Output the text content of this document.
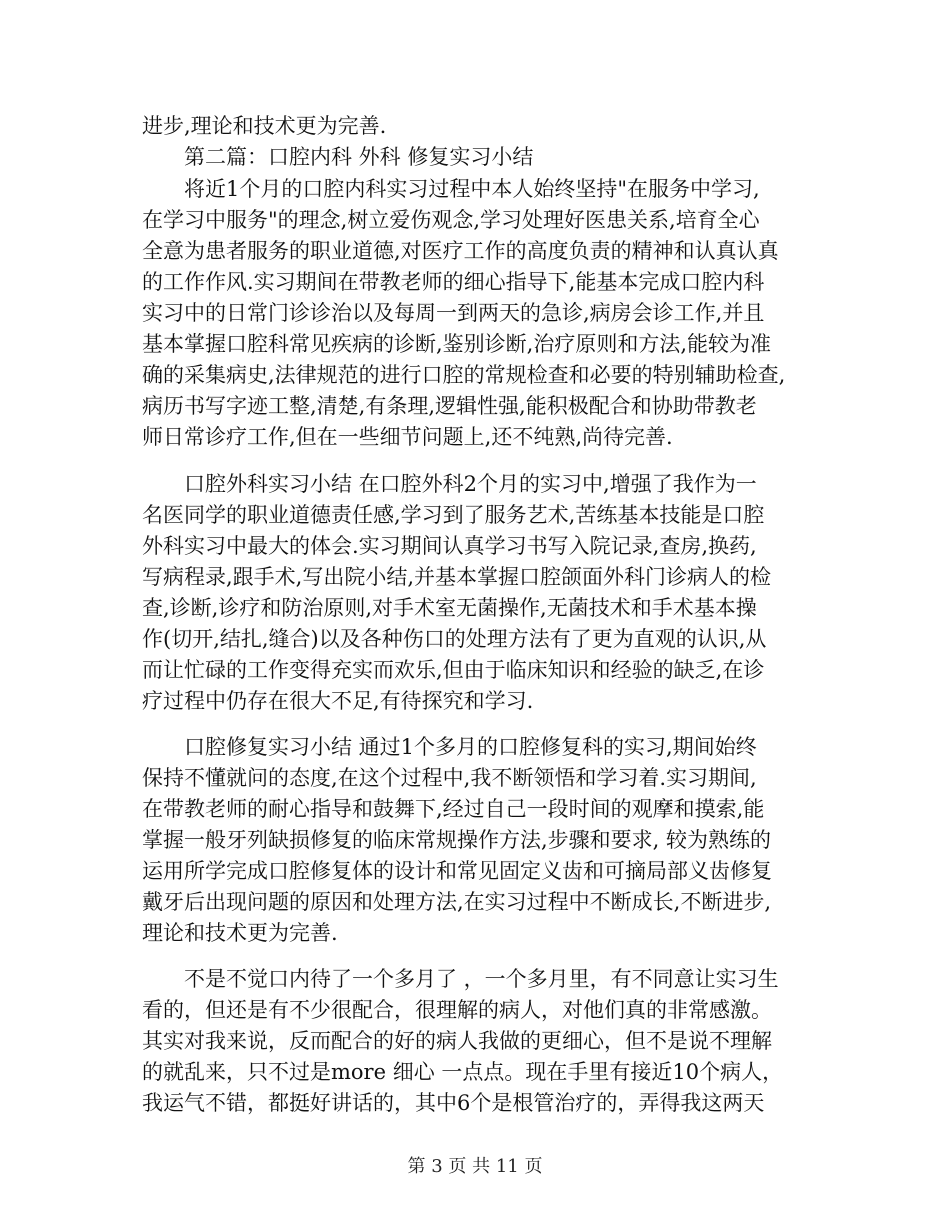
进步,理论和技术更为完善.
第二篇：口腔内科 外科 修复实习小结
将近1个月的口腔内科实习过程中本人始终坚持"在服务中学习,
在学习中服务"的理念,树立爱伤观念,学习处理好医患关系,培育全心
全意为患者服务的职业道德,对医疗工作的高度负责的精神和认真认真
的工作作风.实习期间在带教老师的细心指导下,能基本完成口腔内科
实习中的日常门诊诊治以及每周一到两天的急诊,病房会诊工作,并且
基本掌握口腔科常见疾病的诊断,鉴别诊断,治疗原则和方法,能较为准
确的采集病史,法律规范的进行口腔的常规检查和必要的特别辅助检查,
病历书写字迹工整,清楚,有条理,逻辑性强,能积极配合和协助带教老
师日常诊疗工作,但在一些细节问题上,还不纯熟,尚待完善.
口腔外科实习小结 在口腔外科2个月的实习中,增强了我作为一
名医同学的职业道德责任感,学习到了服务艺术,苦练基本技能是口腔
外科实习中最大的体会.实习期间认真学习书写入院记录,查房,换药,
写病程录,跟手术,写出院小结,并基本掌握口腔颌面外科门诊病人的检
查,诊断,诊疗和防治原则,对手术室无菌操作,无菌技术和手术基本操
作(切开,结扎,缝合)以及各种伤口的处理方法有了更为直观的认识,从
而让忙碌的工作变得充实而欢乐,但由于临床知识和经验的缺乏,在诊
疗过程中仍存在很大不足,有待探究和学习.
口腔修复实习小结 通过1个多月的口腔修复科的实习,期间始终
保持不懂就问的态度,在这个过程中,我不断领悟和学习着.实习期间,
在带教老师的耐心指导和鼓舞下,经过自己一段时间的观摩和摸索,能
掌握一般牙列缺损修复的临床常规操作方法,步骤和要求, 较为熟练的
运用所学完成口腔修复体的设计和常见固定义齿和可摘局部义齿修复
戴牙后出现问题的原因和处理方法,在实习过程中不断成长,不断进步,
理论和技术更为完善.
不是不觉口内待了一个多月了 ，一个多月里，有不同意让实习生
看的，但还是有不少很配合，很理解的病人，对他们真的非常感激。
其实对我来说，反而配合的好的病人我做的更细心，但不是说不理解
的就乱来，只不过是more 细心 一点点。现在手里有接近10个病人，
我运气不错，都挺好讲话的，其中6个是根管治疗的，弄得我这两天
第 3 页 共 11 页
